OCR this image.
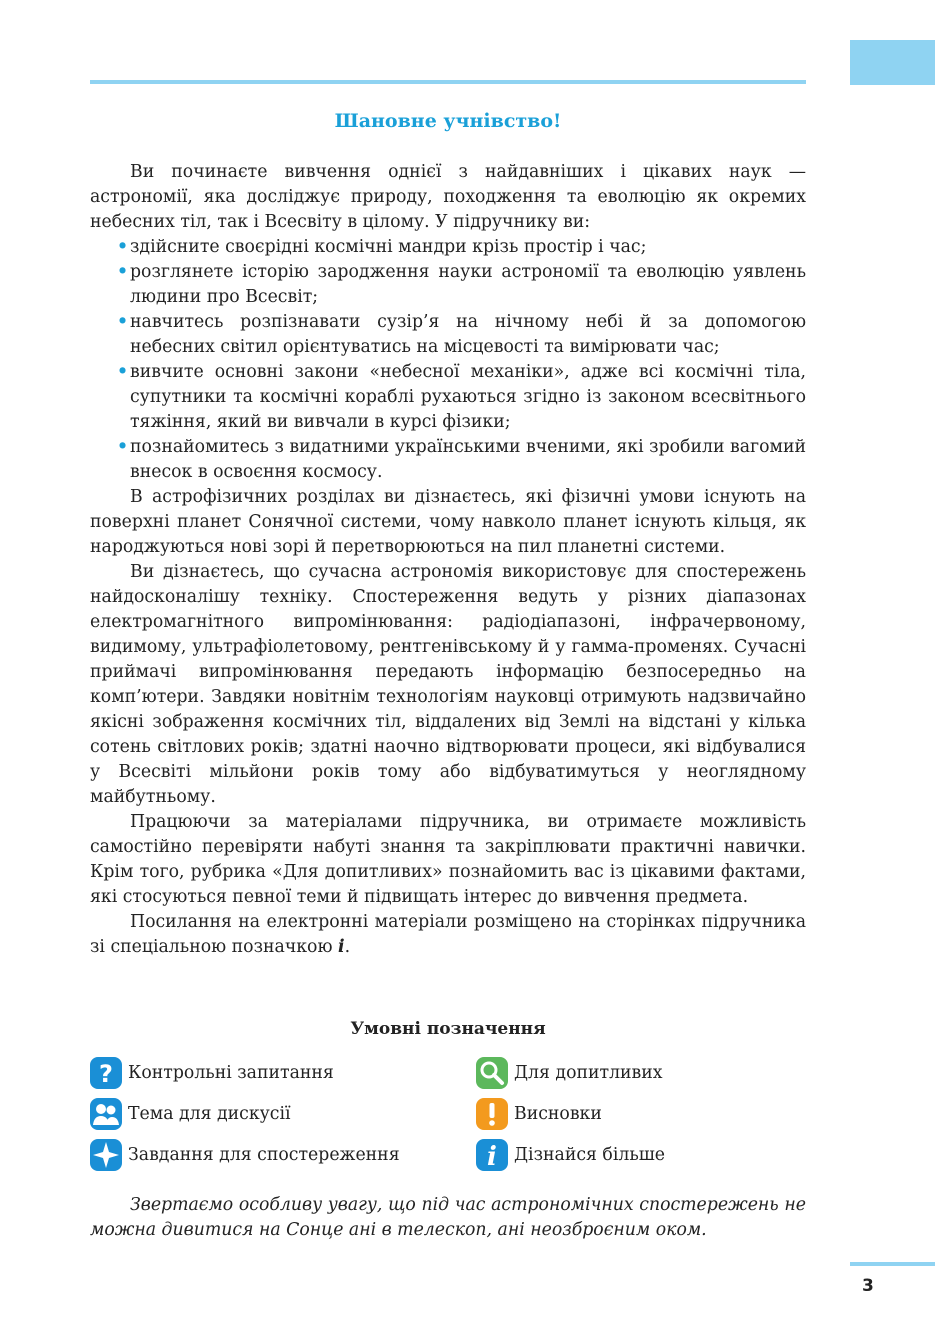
Шановне учнівство!

Ви починаєте вивчення однієї з найдавніших і цікавих наук — астрономії, яка досліджує природу, походження та еволюцію як окремих небесних тіл, так і Всесвіту в цілому. У підручнику ви:

• здійсните своєрідні космічні мандри крізь простір і час;
• розглянете історію зародження науки астрономії та еволюцію уявлень людини про Всесвіт;
• навчитесь розпізнавати сузір’я на нічному небі й за допомогою небесних світил орієнтуватись на місцевості та вимірювати час;
• вивчите основні закони «небесної механіки», адже всі космічні тіла, супутники та космічні кораблі рухаються згідно із законом всесвітнього тяжіння, який ви вивчали в курсі фізики;
• познайомитесь з видатними українськими вченими, які зробили вагомий внесок в освоєння космосу.

В астрофізичних розділах ви дізнаєтесь, які фізичні умови існують на поверхні планет Сонячної системи, чому навколо планет існують кільця, як народжуються нові зорі й перетворюються на пил планетні системи.

Ви дізнаєтесь, що сучасна астрономія використовує для спостережень найдосконалішу техніку. Спостереження ведуть у різних діапазонах електромагнітного випромінювання: радіодіапазоні, інфрачервоному, видимому, ультрафіолетовому, рентгенівському й у гамма-променях. Сучасні приймачі випромінювання передають інформацію безпосередньо на комп’ютери. Завдяки новітнім технологіям науковці отримують надзвичайно якісні зображення космічних тіл, віддалених від Землі на відстані у кілька сотень світлових років; здатні наочно відтворювати процеси, які відбувалися у Всесвіті мільйони років тому або відбуватимуться у неоглядному майбутньому.

Працюючи за матеріалами підручника, ви отримаєте можливість самостійно перевіряти набуті знання та закріплювати практичні навички. Крім того, рубрика «Для допитливих» познайомить вас із цікавими фактами, які стосуються певної теми й підвищать інтерес до вивчення предмета.

Посилання на електронні матеріали розміщено на сторінках підручника зі спеціальною позначкою i.

Умовні позначення
? Контрольні запитання
Тема для дискусії
Завдання для спостереження
Для допитливих
Висновки
i Дізнайся більше
Звертаємо особливу увагу, що під час астрономічних спостережень не можна дивитися на Сонце ані в телескоп, ані неозброєним оком.
3
